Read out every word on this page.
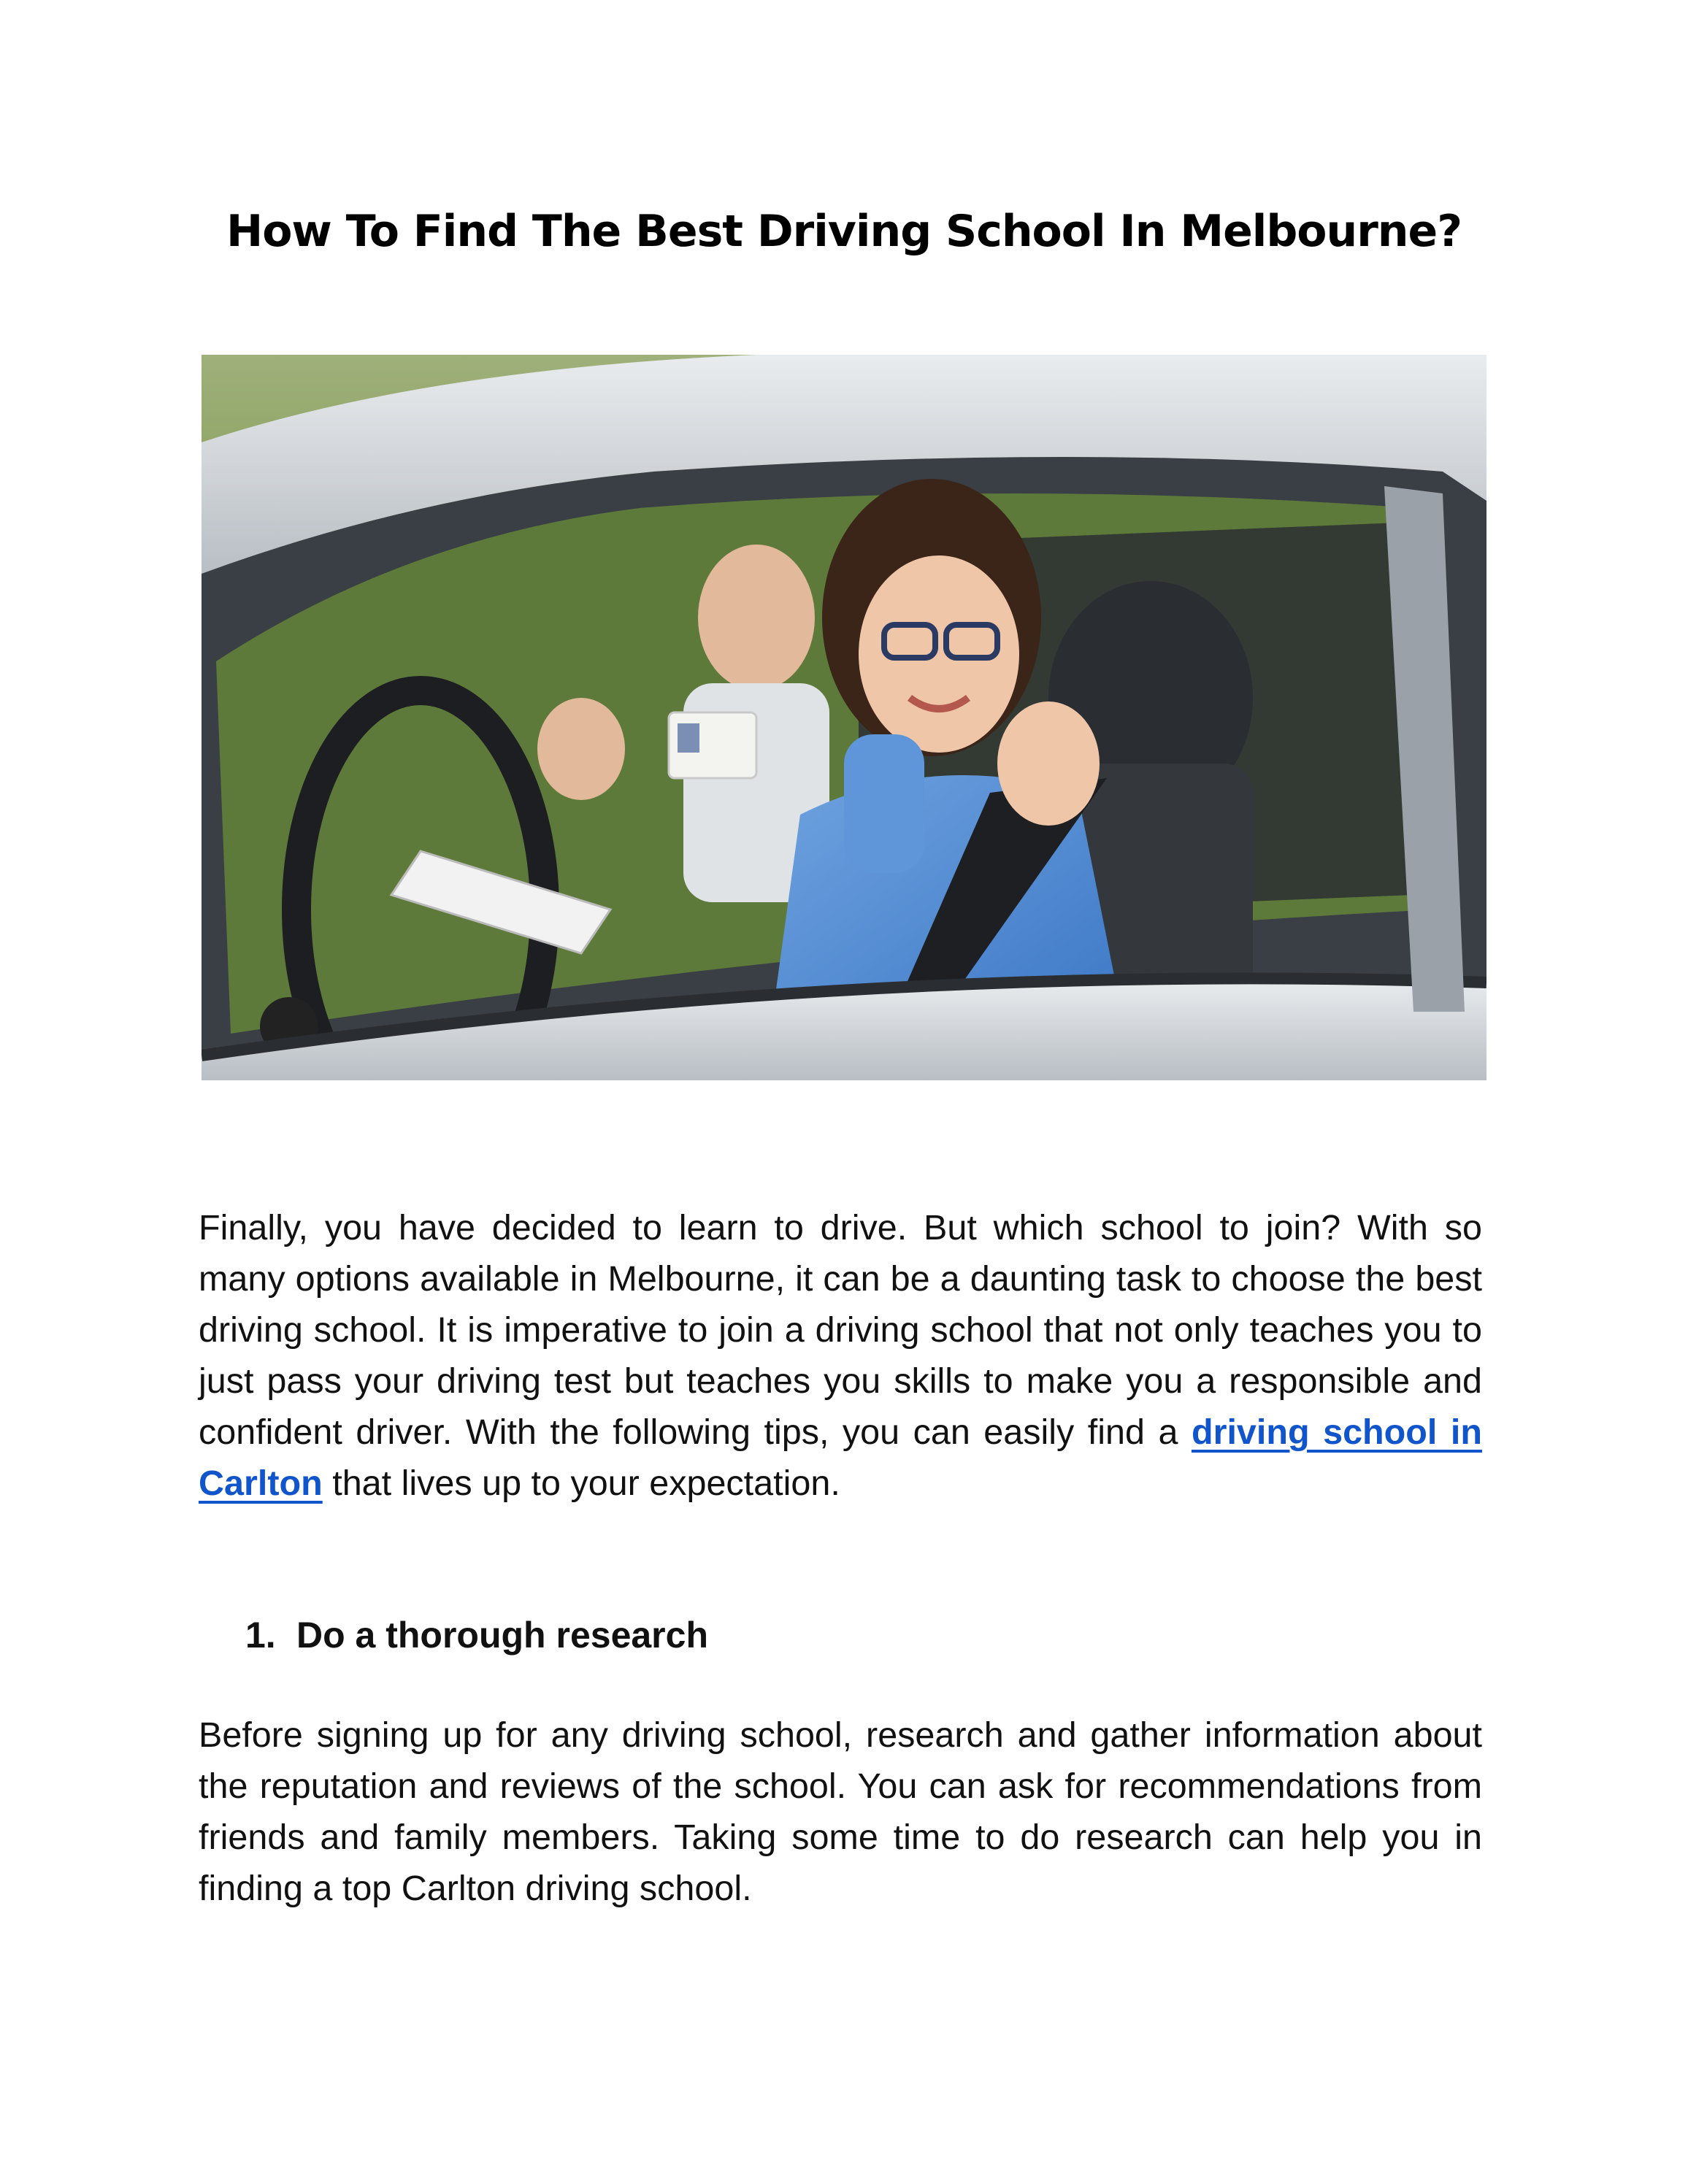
How To Find The Best Driving School In Melbourne?

Finally, you have decided to learn to drive. But which school to join? With so many options available in Melbourne, it can be a daunting task to choose the best driving school. It is imperative to join a driving school that not only teaches you to just pass your driving test but teaches you skills to make you a responsible and confident driver. With the following tips, you can easily find a driving school in Carlton that lives up to your expectation.

1. Do a thorough research

Before signing up for any driving school, research and gather information about the reputation and reviews of the school. You can ask for recommendations from friends and family members. Taking some time to do research can help you in finding a top Carlton driving school.
